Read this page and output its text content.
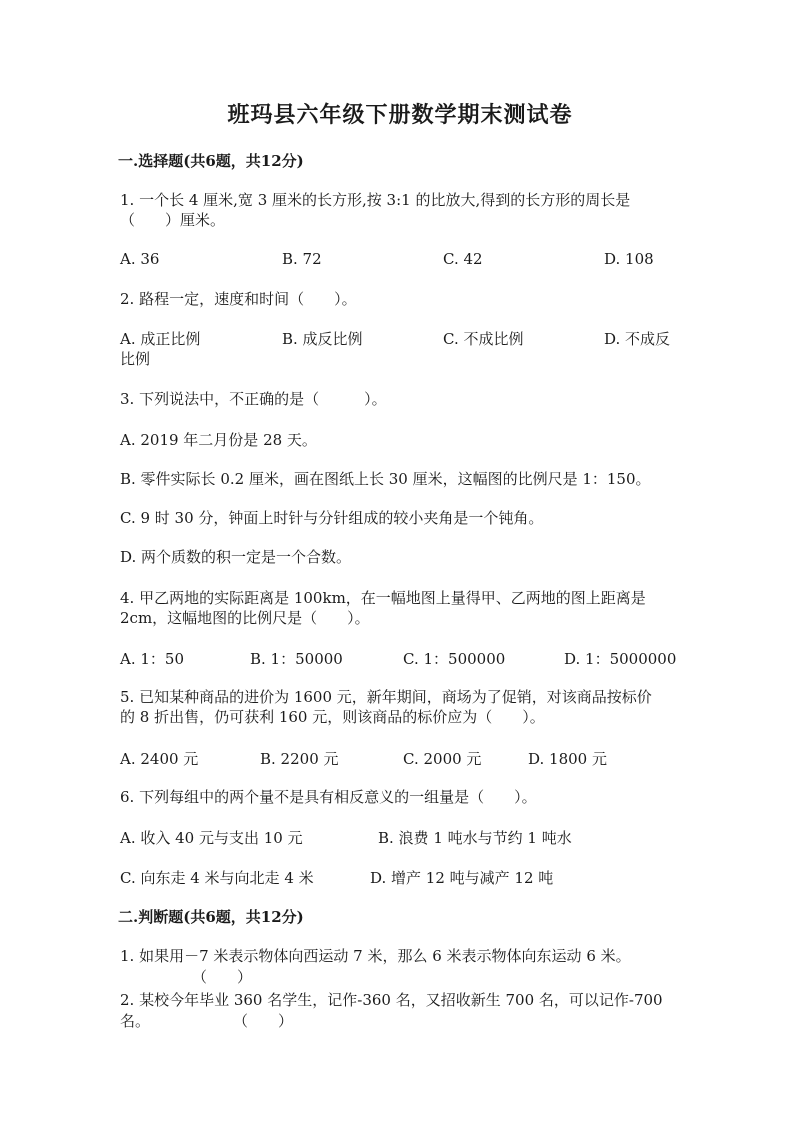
班玛县六年级下册数学期末测试卷
一.选择题(共6题，共12分)
1. 一个长 4 厘米,宽 3 厘米的长方形,按 3:1 的比放大,得到的长方形的周长是
（　　）厘米。
A. 36	B. 72	C. 42	D. 108
2. 路程一定，速度和时间（　　）。
A. 成正比例	B. 成反比例	C. 不成比例	D. 不成反
比例
3. 下列说法中，不正确的是（　　　）。
A. 2019 年二月份是 28 天。
B. 零件实际长 0.2 厘米，画在图纸上长 30 厘米，这幅图的比例尺是 1：150。
C. 9 时 30 分，钟面上时针与分针组成的较小夹角是一个钝角。
D. 两个质数的积一定是一个合数。
4. 甲乙两地的实际距离是 100km，在一幅地图上量得甲、乙两地的图上距离是
2cm，这幅地图的比例尺是（　　）。
A. 1：50	B. 1：50000	C. 1：500000	D. 1：5000000
5. 已知某种商品的进价为 1600 元，新年期间，商场为了促销，对该商品按标价
的 8 折出售，仍可获利 160 元，则该商品的标价应为（　　）。
A. 2400 元	B. 2200 元	C. 2000 元	D. 1800 元
6. 下列每组中的两个量不是具有相反意义的一组量是（　　）。
A. 收入 40 元与支出 10 元	B. 浪费 1 吨水与节约 1 吨水
C. 向东走 4 米与向北走 4 米	D. 增产 12 吨与减产 12 吨
二.判断题(共6题，共12分)
1. 如果用－7 米表示物体向西运动 7 米，那么 6 米表示物体向东运动 6 米。
（　　）
2. 某校今年毕业 360 名学生，记作-360 名，又招收新生 700 名，可以记作-700
名。	（　　）
